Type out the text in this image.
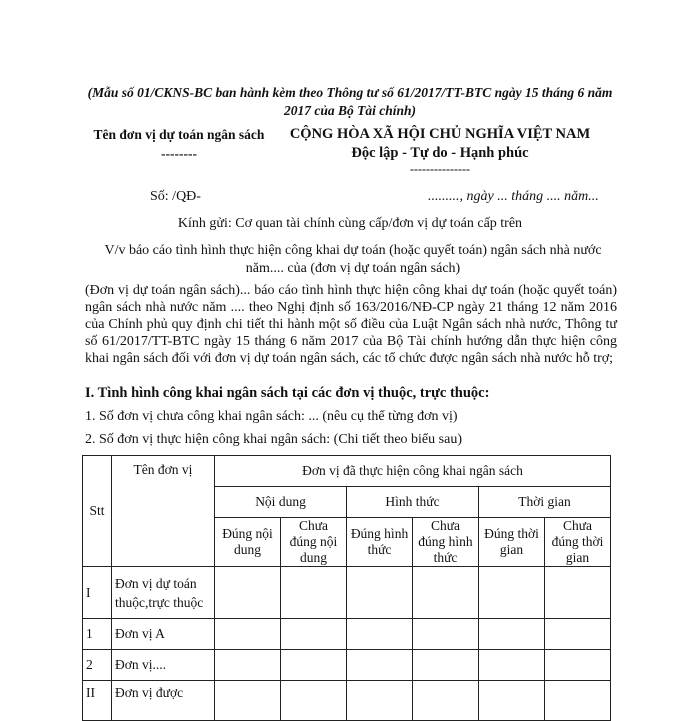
(Mẫu số 01/CKNS-BC ban hành kèm theo Thông tư số 61/2017/TT-BTC ngày 15 tháng 6 năm 2017 của Bộ Tài chính)
Tên đơn vị dự toán ngân sách
--------
CỘNG HÒA XÃ HỘI CHỦ NGHĨA VIỆT NAM
Độc lập - Tự do - Hạnh phúc
---------------
Số: /QĐ-	........., ngày ... tháng .... năm...
Kính gửi: Cơ quan tài chính cùng cấp/đơn vị dự toán cấp trên
V/v báo cáo tình hình thực hiện công khai dự toán (hoặc quyết toán) ngân sách nhà nước
năm.... của (đơn vị dự toán ngân sách)
(Đơn vị dự toán ngân sách)... báo cáo tình hình thực hiện công khai dự toán (hoặc quyết toán) ngân sách nhà nước năm .... theo Nghị định số 163/2016/NĐ-CP ngày 21 tháng 12 năm 2016 của Chính phủ quy định chi tiết thi hành một số điều của Luật Ngân sách nhà nước, Thông tư số 61/2017/TT-BTC ngày 15 tháng 6 năm 2017 của Bộ Tài chính hướng dẫn thực hiện công khai ngân sách đối với đơn vị dự toán ngân sách, các tổ chức được ngân sách nhà nước hỗ trợ;
I. Tình hình công khai ngân sách tại các đơn vị thuộc, trực thuộc:
1. Số đơn vị chưa công khai ngân sách: ... (nêu cụ thể từng đơn vị)
2. Số đơn vị thực hiện công khai ngân sách: (Chi tiết theo biểu sau)
Stt	Tên đơn vị	Đơn vị đã thực hiện công khai ngân sách					
		Nội dung		Hình thức		Thời gian	
		Đúng nội dung	Chưa đúng nội dung	Đúng hình thức	Chưa đúng hình thức	Đúng thời gian	Chưa đúng thời gian
I	Đơn vị dự toán thuộc,trực thuộc						
1	Đơn vị A						
2	Đơn vị....						
II	Đơn vị được						
